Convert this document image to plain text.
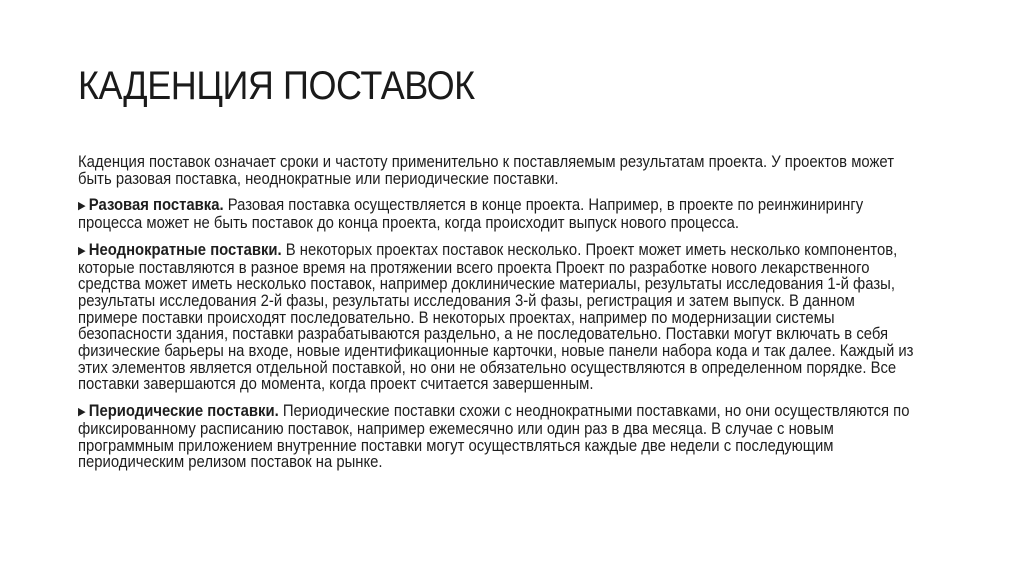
КАДЕНЦИЯ ПОСТАВОК

Каденция поставок означает сроки и частоту применительно к поставляемым результатам проекта. У проектов может быть разовая поставка, неоднократные или периодические поставки.

▶ Разовая поставка. Разовая поставка осуществляется в конце проекта. Например, в проекте по реинжинирингу процесса может не быть поставок до конца проекта, когда происходит выпуск нового процесса.

▶ Неоднократные поставки. В некоторых проектах поставок несколько. Проект может иметь несколько компонентов, которые поставляются в разное время на протяжении всего проекта Проект по разработке нового лекарственного средства может иметь несколько поставок, например доклинические материалы, результаты исследования 1-й фазы, результаты исследования 2-й фазы, результаты исследования 3-й фазы, регистрация и затем выпуск. В данном примере поставки происходят последовательно. В некоторых проектах, например по модернизации системы безопасности здания, поставки разрабатываются раздельно, а не последовательно. Поставки могут включать в себя физические барьеры на входе, новые идентификационные карточки, новые панели набора кода и так далее. Каждый из этих элементов является отдельной поставкой, но они не обязательно осуществляются в определенном порядке. Все поставки завершаются до момента, когда проект считается завершенным.

▶ Периодические поставки. Периодические поставки схожи с неоднократными поставками, но они осуществляются по фиксированному расписанию поставок, например ежемесячно или один раз в два месяца. В случае с новым программным приложением внутренние поставки могут осуществляться каждые две недели с последующим периодическим релизом поставок на рынке.
